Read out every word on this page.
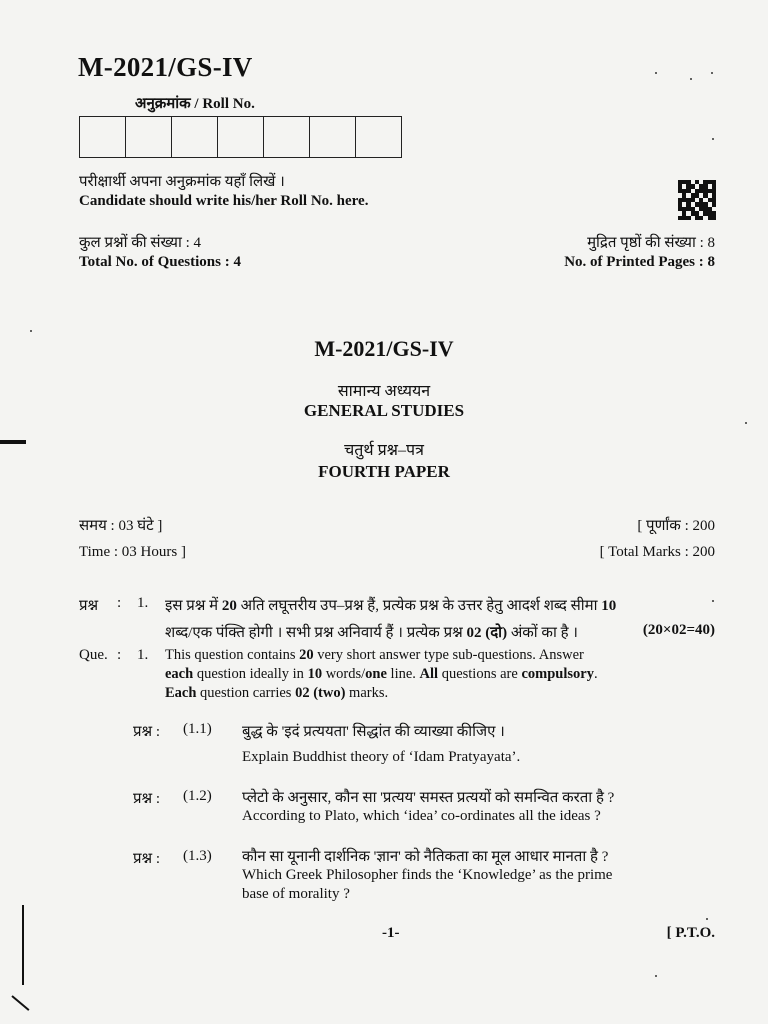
M-2021/GS-IV
अनुक्रमांक / Roll No.
परीक्षार्थी अपना अनुक्रमांक यहाँ लिखें ।
Candidate should write his/her Roll No. here.
कुल प्रश्नों की संख्या : 4
Total No. of Questions : 4
मुद्रित पृष्ठों की संख्या : 8
No. of Printed Pages : 8
M-2021/GS-IV
सामान्य अध्ययन
GENERAL STUDIES
चतुर्थ प्रश्न–पत्र
FOURTH PAPER
समय : 03 घंटे ]
Time : 03 Hours ]
[ पूर्णांक : 200
[ Total Marks : 200
प्रश्न : 1. इस प्रश्न में 20 अति लघूत्तरीय उप–प्रश्न हैं, प्रत्येक प्रश्न के उत्तर हेतु आदर्श शब्द सीमा 10
शब्द/एक पंक्ति होगी । सभी प्रश्न अनिवार्य हैं । प्रत्येक प्रश्न 02 (दो) अंकों का है ।	(20×02=40)
Que. : 1. This question contains 20 very short answer type sub-questions. Answer
each question ideally in 10 words/one line. All questions are compulsory.
Each question carries 02 (two) marks.
प्रश्न : (1.1) बुद्ध के 'इदं प्रत्ययता' सिद्धांत की व्याख्या कीजिए ।
Explain Buddhist theory of ‘Idam Pratyayata’.
प्रश्न : (1.2) प्लेटो के अनुसार, कौन सा 'प्रत्यय' समस्त प्रत्ययों को समन्वित करता है ?
According to Plato, which ‘idea’ co-ordinates all the ideas ?
प्रश्न : (1.3) कौन सा यूनानी दार्शनिक 'ज्ञान' को नैतिकता का मूल आधार मानता है ?
Which Greek Philosopher finds the ‘Knowledge’ as the prime
base of morality ?
-1-	[ P.T.O.
